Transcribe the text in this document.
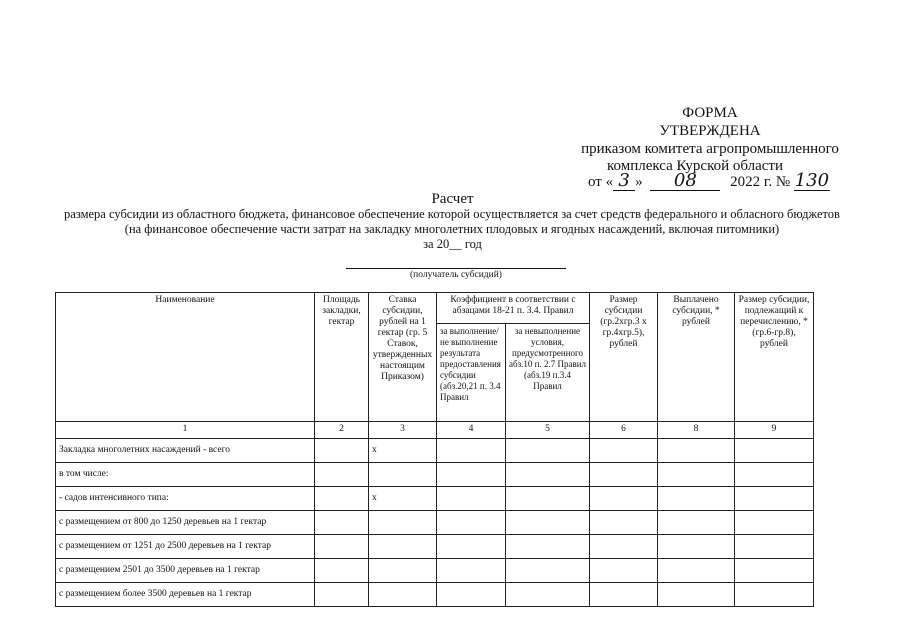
ФОРМА
УТВЕРЖДЕНА
приказом комитета агропромышленного
комплекса Курской области
от « 3 » 08 2022 г. № 130
Расчет
размера субсидии из областного бюджета, финансовое обеспечение которой осуществляется за счет средств федерального и обласного бюджетов (на финансовое обеспечение части затрат на закладку многолетних плодовых и ягодных насаждений, включая питомники)
за 20__ год
(получатель субсидий)
Наименование	Площадь закладки, гектар	Ставка субсидии, рублей на 1 гектар (гр. 5 Ставок, утвержденных настоящим Приказом)	Коэффициент в соответствии с абзацами 18-21 п. 3.4. Правил		Размер субсидии (гр.2хгр.3 х гр.4хгр.5), рублей	Выплачено субсидии, * рублей	Размер субсидии, подлежащий к перечислению, * (гр.6-гр.8), рублей
			за выполнение/не выполнение результата предоставления субсидии (абз.20,21 п. 3.4 Правил	за невыполнение условия, предусмотренного абз.10 п. 2.7 Правил (абз.19 п.3.4 Правил			
1	2	3	4	5	6	8	9
Закладка многолетних насаждений - всего		x					
в том числе:							
- садов интенсивного типа:		x					
с размещением от 800 до 1250 деревьев на 1 гектар							
с размещением от 1251 до 2500 деревьев на 1 гектар							
с размещением 2501 до 3500 деревьев на 1 гектар							
с размещением более 3500 деревьев на 1 гектар							
